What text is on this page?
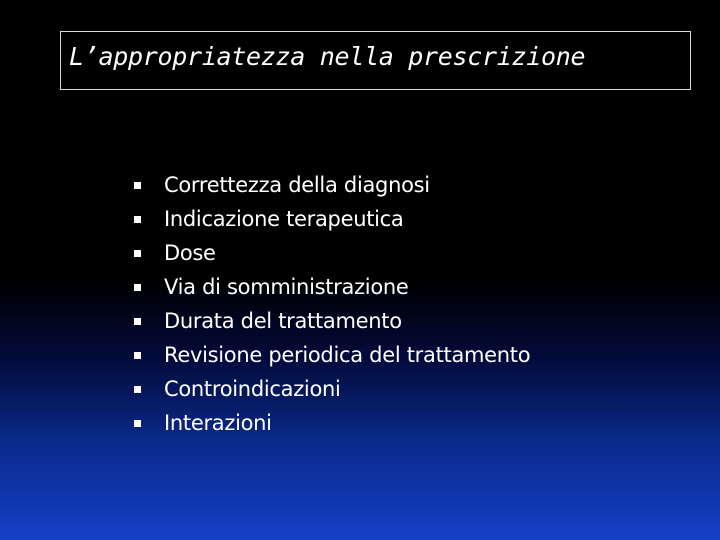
L’appropriatezza nella prescrizione
Correttezza della diagnosi
Indicazione terapeutica
Dose
Via di somministrazione
Durata del trattamento
Revisione periodica del trattamento
Controindicazioni
Interazioni
